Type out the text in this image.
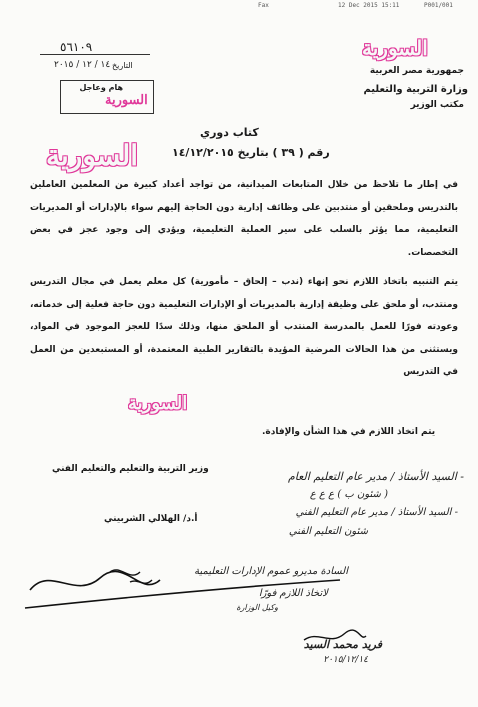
Fax	12 Dec 2015 15:11	P001/001
السورية
جمهورية مصر العربية
وزارة التربية والتعليم
مكتب الوزير
٥٦١٠٩
١٤ / ١٢ / ٢٠١٥ التاريخ
هام وعاجل
السورية
كتاب دوري
السورية	رقم ( ٣٩ ) بتاريخ ١٤/١٢/٢٠١٥
في إطار ما تلاحظ من خلال المتابعات الميدانية، من تواجد أعداد كبيرة من المعلمين العاملين بالتدريس وملحقين أو منتدبين على وظائف إدارية دون الحاجة إليهم سواء بالإدارات أو المديريات التعليمية، مما يؤثر بالسلب على سير العملية التعليمية، ويؤدي إلى وجود عجز في بعض التخصصات.
يتم التنبيه باتخاذ اللازم نحو إنهاء (ندب – إلحاق – مأمورية) كل معلم يعمل في مجال التدريس ومنتدب، أو ملحق على وظيفة إدارية بالمديريات أو الإدارات التعليمية دون حاجة فعلية إلى خدماته، وعودته فورًا للعمل بالمدرسة المنتدب أو الملحق منها، وذلك سدًا للعجز الموجود في المواد، ويستثنى من هذا الحالات المرضية المؤيدة بالتقارير الطبية المعتمدة، أو المستبعدين من العمل في التدريس
السورية
يتم اتخاذ اللازم في هذا الشأن والإفادة.
وزير التربية والتعليم والتعليم الفني
أ.د/ الهلالي الشربيني
- السيد الأستاذ / مدير عام التعليم العام
( شئون ب ) ع ع ع
- السيد الأستاذ / مدير عام التعليم الفني
شئون التعليم الفني
السادة مديرو عموم الإدارات التعليمية
لاتخاذ اللازم فورًا
وكيل الوزارة
فريد محمد السيد
٢٠١٥/١٢/١٤
